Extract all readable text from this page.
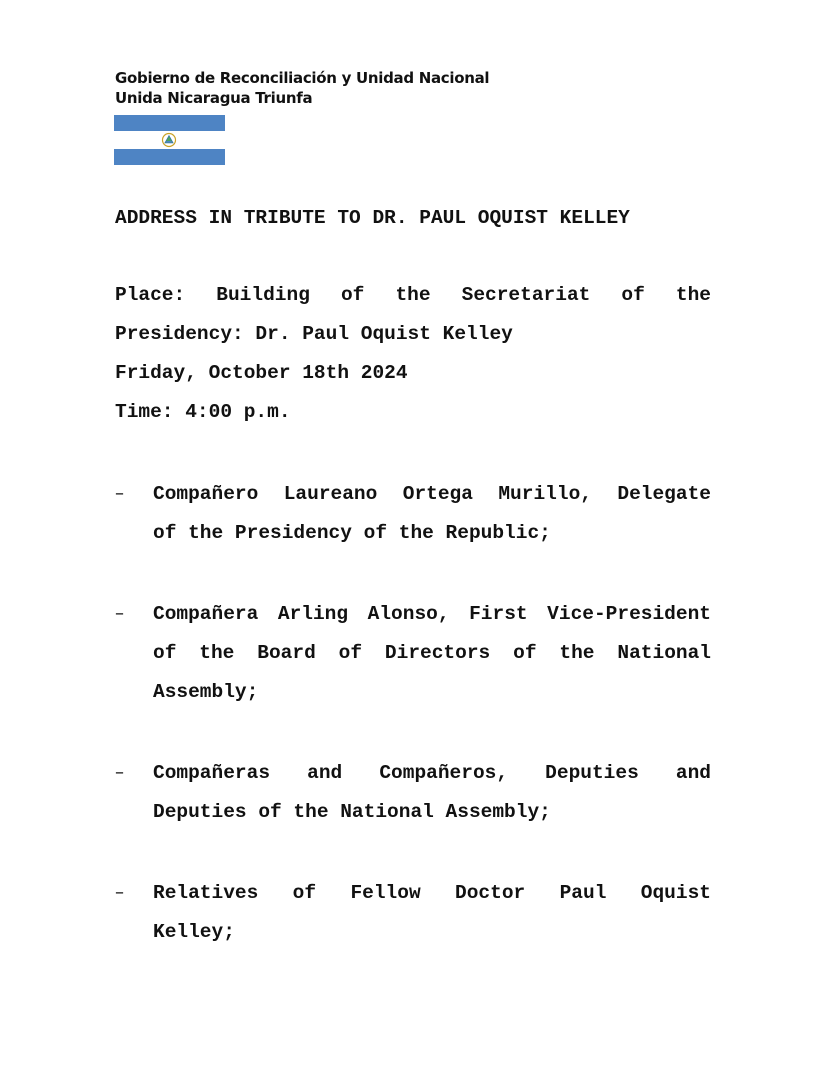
Gobierno de Reconciliación y Unidad Nacional
Unida Nicaragua Triunfa
ADDRESS IN TRIBUTE TO DR. PAUL OQUIST KELLEY
Place: Building of the Secretariat of the
Presidency: Dr. Paul Oquist Kelley
Friday, October 18th 2024
Time: 4:00 p.m.
– Compañero Laureano Ortega Murillo, Delegate
of the Presidency of the Republic;
– Compañera Arling Alonso, First Vice-President
of the Board of Directors of the National
Assembly;
– Compañeras and Compañeros, Deputies and
Deputies of the National Assembly;
– Relatives of Fellow Doctor Paul Oquist
Kelley;
